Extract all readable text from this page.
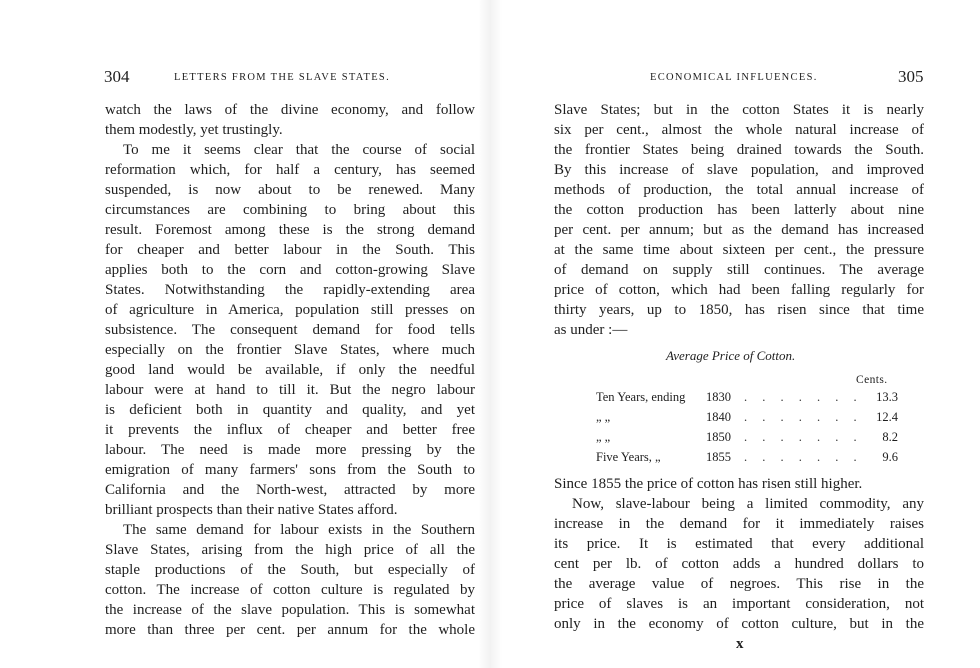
304	LETTERS FROM THE SLAVE STATES.
watch the laws of the divine economy, and follow
them modestly, yet trustingly.
To me it seems clear that the course of social
reformation which, for half a century, has seemed
suspended, is now about to be renewed. Many
circumstances are combining to bring about this
result. Foremost among these is the strong demand
for cheaper and better labour in the South. This
applies both to the corn and cotton-growing Slave
States. Notwithstanding the rapidly-extending area
of agriculture in America, population still presses on
subsistence. The consequent demand for food tells
especially on the frontier Slave States, where much
good land would be available, if only the needful
labour were at hand to till it. But the negro labour
is deficient both in quantity and quality, and yet
it prevents the influx of cheaper and better free
labour. The need is made more pressing by the
emigration of many farmers' sons from the South to
California and the North-west, attracted by more
brilliant prospects than their native States afford.
The same demand for labour exists in the Southern
Slave States, arising from the high price of all the
staple productions of the South, but especially of
cotton. The increase of cotton culture is regulated by
the increase of the slave population. This is somewhat
more than three per cent. per annum for the whole
ECONOMICAL INFLUENCES.	305
Slave States; but in the cotton States it is nearly
six per cent., almost the whole natural increase of
the frontier States being drained towards the South.
By this increase of slave population, and improved
methods of production, the total annual increase of
the cotton production has been latterly about nine
per cent. per annum; but as the demand has increased
at the same time about sixteen per cent., the pressure
of demand on supply still continues. The average
price of cotton, which had been falling regularly for
thirty years, up to 1850, has risen since that time
as under :—
Average Price of Cotton.
Cents.
Ten Years, ending 1830 . . . . . . . 13.3
„ „	1840 . . . . . . . 12.4
„ „	1850 . . . . . . . 8.2
Five Years, „	1855 . . . . . . . 9.6
Since 1855 the price of cotton has risen still higher.
Now, slave-labour being a limited commodity, any
increase in the demand for it immediately raises
its price. It is estimated that every additional
cent per lb. of cotton adds a hundred dollars to
the average value of negroes. This rise in the
price of slaves is an important consideration, not
only in the economy of cotton culture, but in the
x
